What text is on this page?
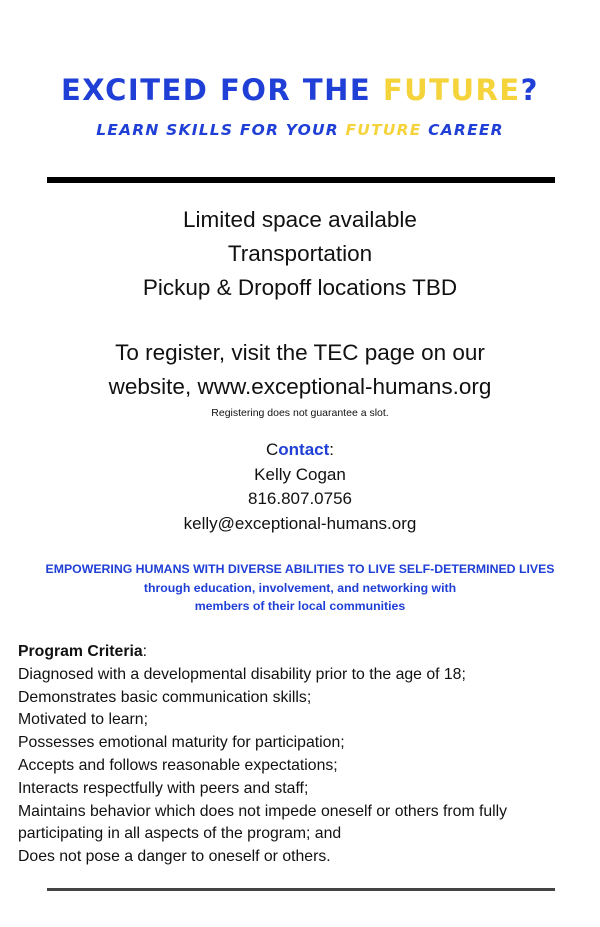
EXCITED FOR THE FUTURE?

LEARN SKILLS FOR YOUR FUTURE CAREER

Limited space available
Transportation
Pickup & Dropoff locations TBD
To register, visit the TEC page on our
website, www.exceptional-humans.org
Registering does not guarantee a slot.
Contact:
Kelly Cogan
816.807.0756
kelly@exceptional-humans.org
EMPOWERING HUMANS WITH DIVERSE ABILITIES TO LIVE SELF-DETERMINED LIVES
through education, involvement, and networking with
members of their local communities
Program Criteria:
Diagnosed with a developmental disability prior to the age of 18;
Demonstrates basic communication skills;
Motivated to learn;
Possesses emotional maturity for participation;
Accepts and follows reasonable expectations;
Interacts respectfully with peers and staff;
Maintains behavior which does not impede oneself or others from fully
participating in all aspects of the program; and
Does not pose a danger to oneself or others.
